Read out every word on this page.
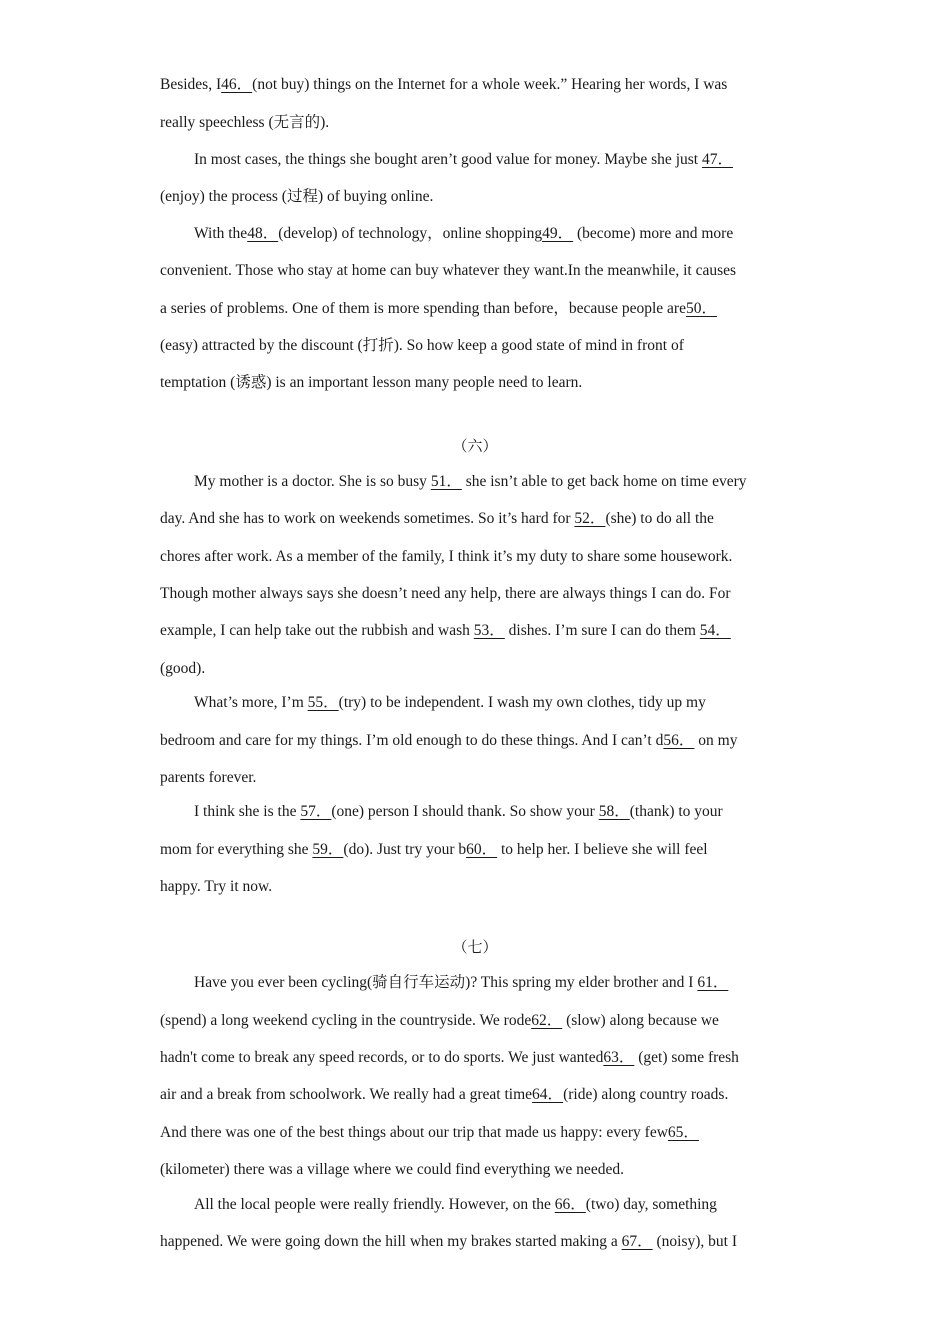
（六）
（七）
Besides, I46．(not buy) things on the Internet for a whole week.” Hearing her words, I was
really speechless (无言的).
In most cases, the things she bought aren’t good value for money. Maybe she just 47．
(enjoy) the process (过程) of buying online.
With the48．(develop) of technology，online shopping49． (become) more and more
convenient. Those who stay at home can buy whatever they want.In the meanwhile, it causes
a series of problems. One of them is more spending than before，because people are50．
(easy) attracted by the discount (打折). So how keep a good state of mind in front of
temptation (诱惑) is an important lesson many people need to learn.
My mother is a doctor. She is so busy 51． she isn’t able to get back home on time every
day. And she has to work on weekends sometimes. So it’s hard for 52．(she) to do all the
chores after work. As a member of the family, I think it’s my duty to share some housework.
Though mother always says she doesn’t need any help, there are always things I can do. For
example, I can help take out the rubbish and wash 53． dishes. I’m sure I can do them 54．
(good).
What’s more, I’m 55．(try) to be independent. I wash my own clothes, tidy up my
bedroom and care for my things. I’m old enough to do these things. And I can’t d56． on my
parents forever.
I think she is the 57．(one) person I should thank. So show your 58．(thank) to your
mom for everything she 59．(do). Just try your b60． to help her. I believe she will feel
happy. Try it now.
Have you ever been cycling(骑自行车运动)? This spring my elder brother and I 61．
(spend) a long weekend cycling in the countryside. We rode62． (slow) along because we
hadn't come to break any speed records, or to do sports. We just wanted63． (get) some fresh
air and a break from schoolwork. We really had a great time64．(ride) along country roads.
And there was one of the best things about our trip that made us happy: every few65．
(kilometer) there was a village where we could find everything we needed.
All the local people were really friendly. However, on the 66．(two) day, something
happened. We were going down the hill when my brakes started making a 67． (noisy), but I
